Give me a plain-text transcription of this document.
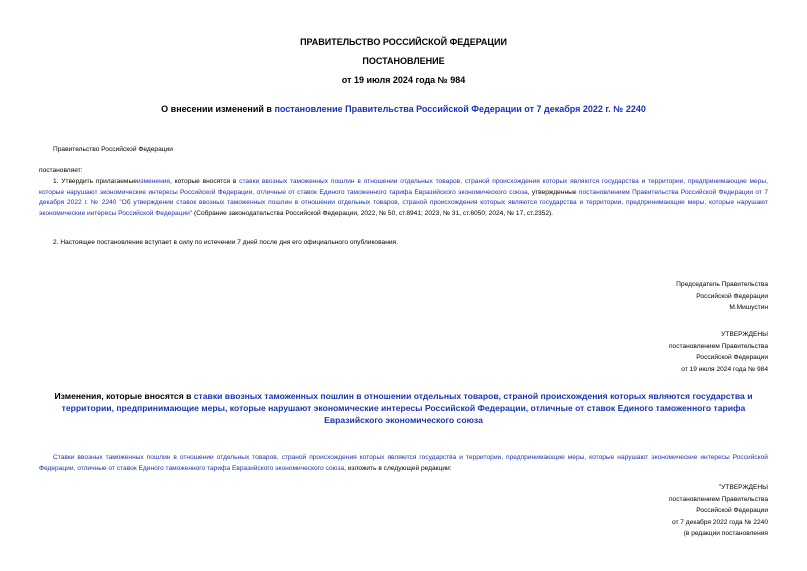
ПРАВИТЕЛЬСТВО РОССИЙСКОЙ ФЕДЕРАЦИИ
ПОСТАНОВЛЕНИЕ
от 19 июля 2024 года № 984
О внесении изменений в постановление Правительства Российской Федерации от 7 декабря 2022 г. № 2240
Правительство Российской Федерации
постановляет:
1. Утвердить прилагаемыеизменения, которые вносятся в ставки ввозных таможенных пошлин в отношении отдельных товаров, страной происхождения которых являются государства и территории, предпринимающие меры, которые нарушают экономические интересы Российской Федерации, отличные от ставок Единого таможенного тарифа Евразийского экономического союза, утвержденные постановлением Правительства Российской Федерации от 7 декабря 2022 г. № 2240 "Об утверждении ставок ввозных таможенных пошлин в отношении отдельных товаров, страной происхождения которых являются государства и территории, предпринимающие меры, которые нарушают экономические интересы Российской Федерации" (Собрание законодательства Российской Федерации, 2022, № 50, ст.8941; 2023, № 31, ст.6050; 2024, № 17, ст.2352).
2. Настоящее постановление вступает в силу по истечении 7 дней после дня его официального опубликования.
Председатель Правительства
Российской Федерации
М.Мишустин
УТВЕРЖДЕНЫ
постановлением Правительства
Российской Федерации
от 19 июля 2024 года № 984
Изменения, которые вносятся в ставки ввозных таможенных пошлин в отношении отдельных товаров, страной происхождения которых являются государства и территории, предпринимающие меры, которые нарушают экономические интересы Российской Федерации, отличные от ставок Единого таможенного тарифа Евразийского экономического союза
Ставки ввозных таможенных пошлин в отношении отдельных товаров, страной происхождения которых являются государства и территории, предпринимающие меры, которые нарушают экономические интересы Российской Федерации, отличные от ставок Единого таможенного тарифа Евразийского экономического союза, изложить в следующей редакции:
"УТВЕРЖДЕНЫ
постановлением Правительства
Российской Федерации
от 7 декабря 2022 года № 2240
(в редакции постановления
